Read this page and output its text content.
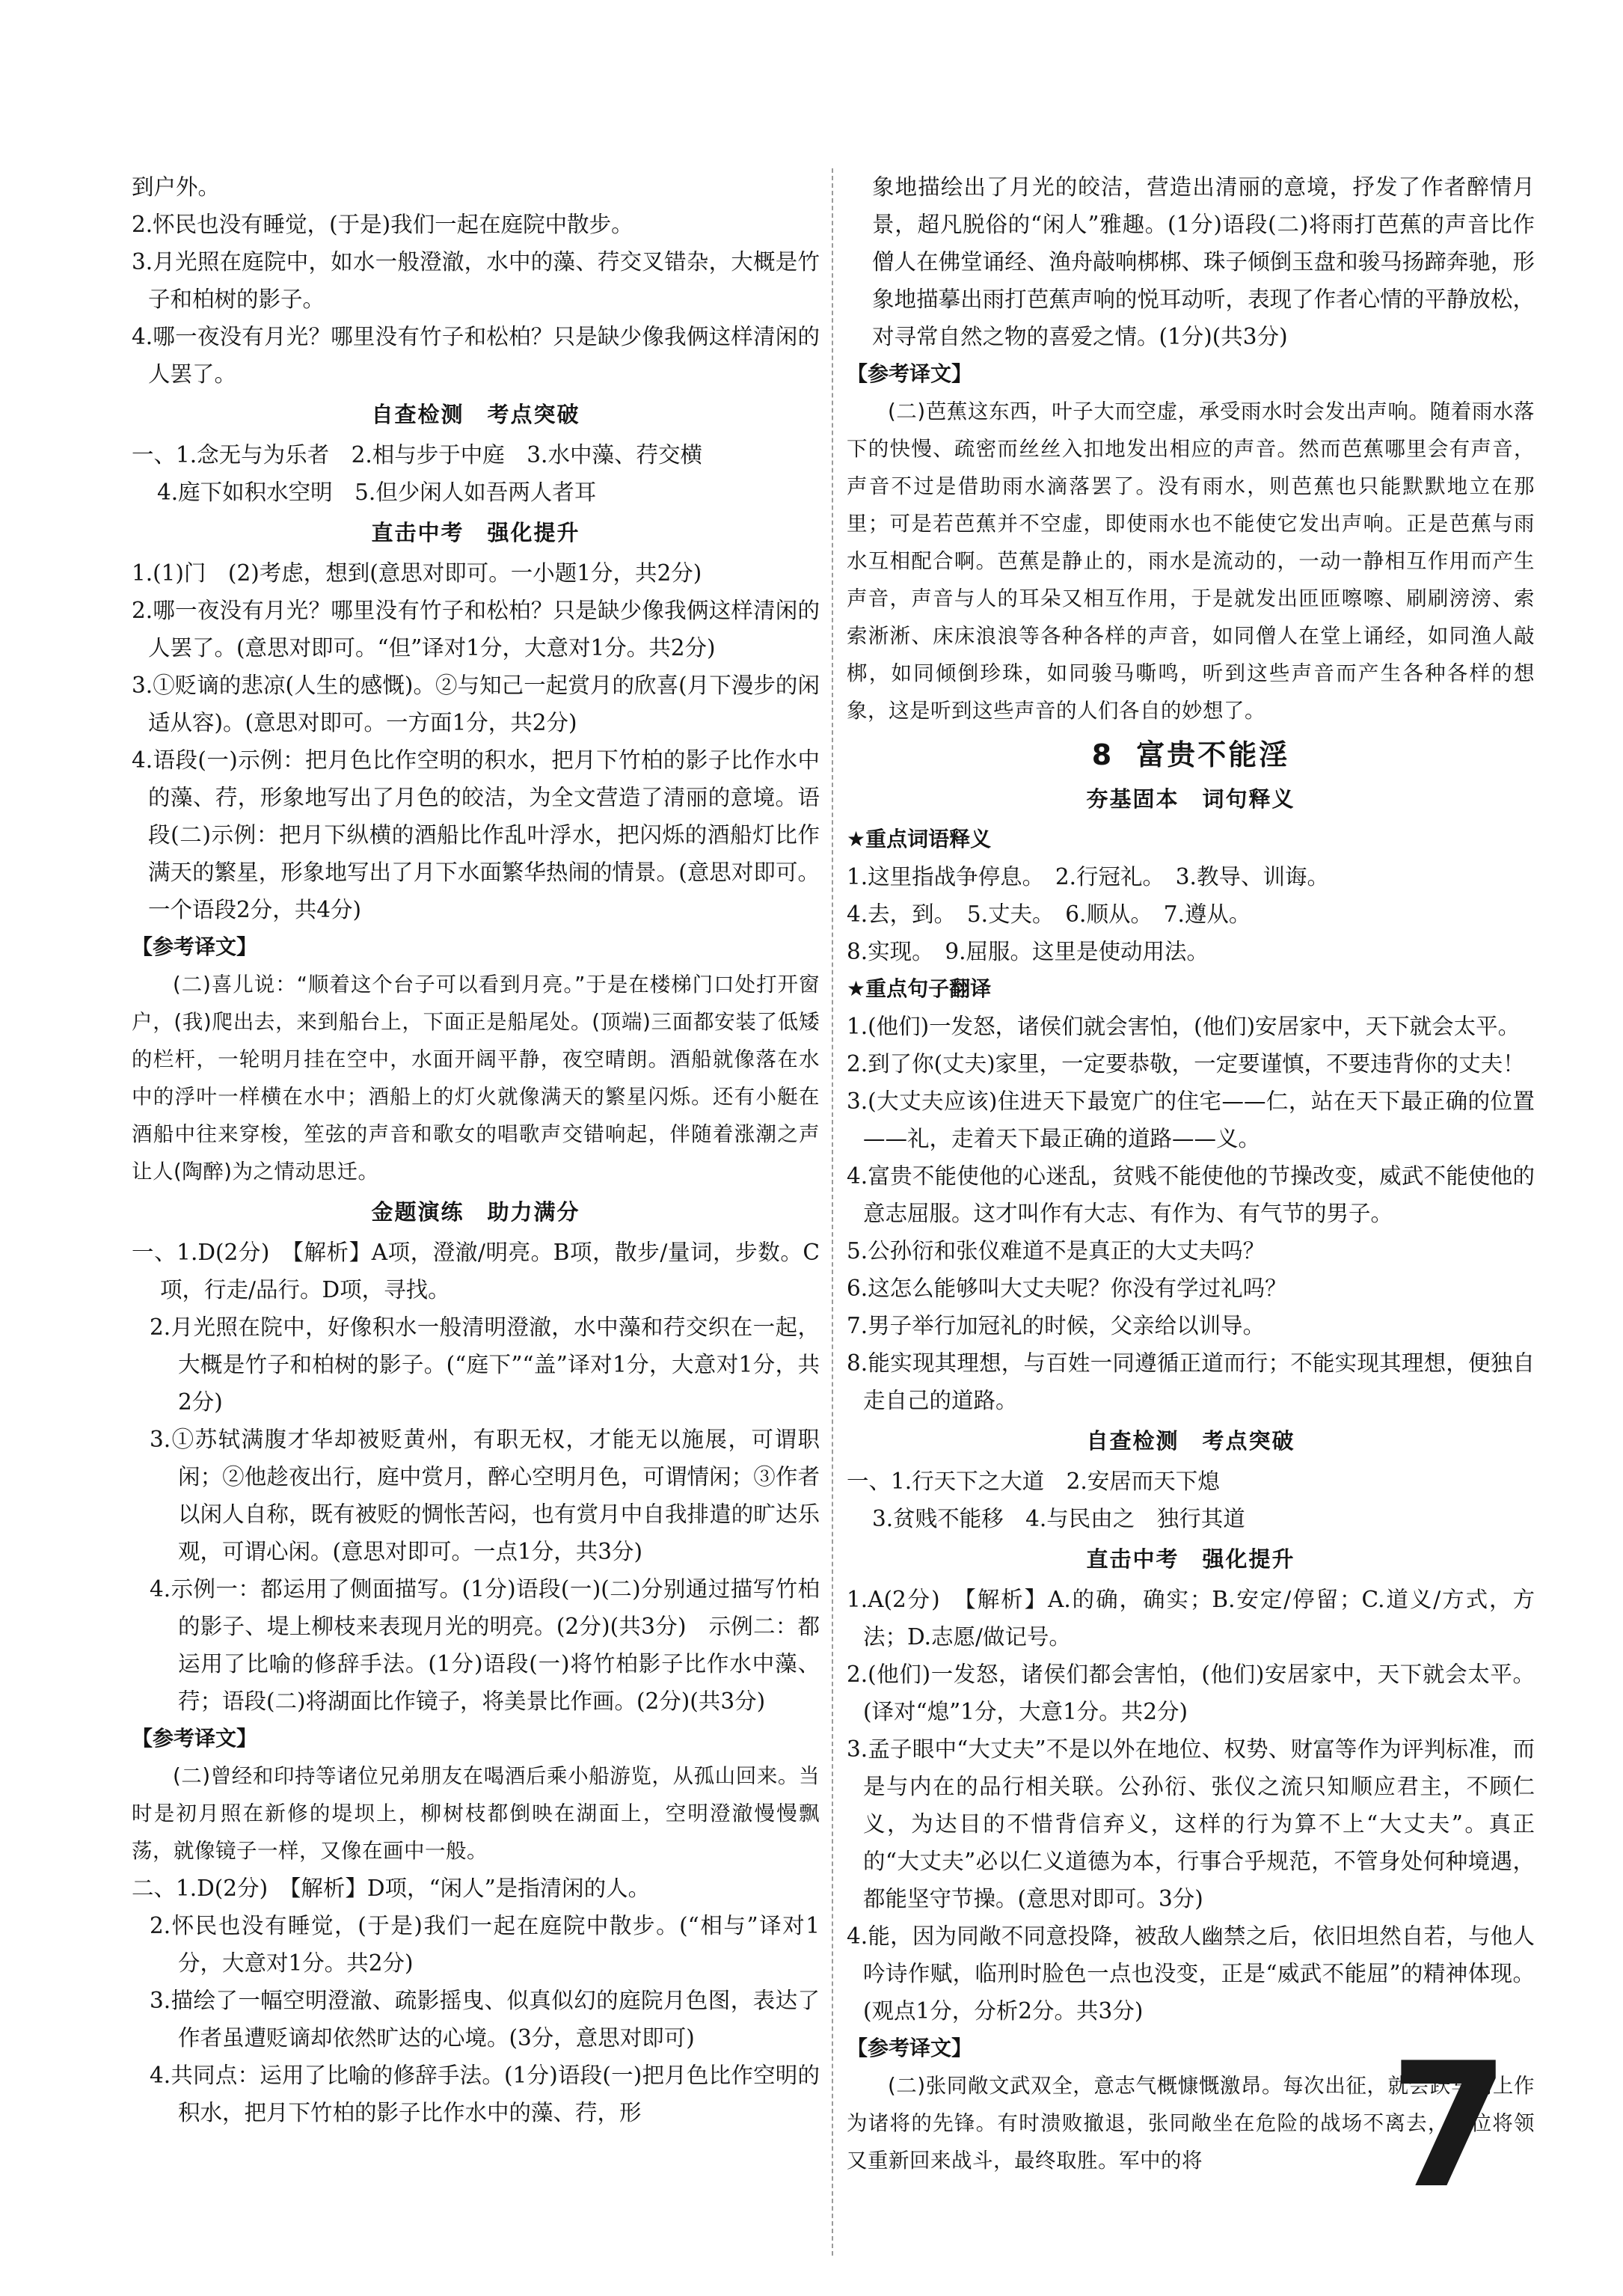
到户外。

2.怀民也没有睡觉，(于是)我们一起在庭院中散步。

3.月光照在庭院中，如水一般澄澈，水中的藻、荇交叉错杂，大概是竹子和柏树的影子。

4.哪一夜没有月光？哪里没有竹子和松柏？只是缺少像我俩这样清闲的人罢了。

自查检测　考点突破

一、1.念无与为乐者　2.相与步于中庭　3.水中藻、荇交横

4.庭下如积水空明　5.但少闲人如吾两人者耳

直击中考　强化提升

1.(1)门　(2)考虑，想到(意思对即可。一小题1分，共2分)

2.哪一夜没有月光？哪里没有竹子和松柏？只是缺少像我俩这样清闲的人罢了。(意思对即可。“但”译对1分，大意对1分。共2分)

3.①贬谪的悲凉(人生的感慨)。②与知己一起赏月的欣喜(月下漫步的闲适从容)。(意思对即可。一方面1分，共2分)

4.语段(一)示例：把月色比作空明的积水，把月下竹柏的影子比作水中的藻、荇，形象地写出了月色的皎洁，为全文营造了清丽的意境。语段(二)示例：把月下纵横的酒船比作乱叶浮水，把闪烁的酒船灯比作满天的繁星，形象地写出了月下水面繁华热闹的情景。(意思对即可。一个语段2分，共4分)

【参考译文】

(二)喜儿说：“顺着这个台子可以看到月亮。”于是在楼梯门口处打开窗户，(我)爬出去，来到船台上，下面正是船尾处。(顶端)三面都安装了低矮的栏杆，一轮明月挂在空中，水面开阔平静，夜空晴朗。酒船就像落在水中的浮叶一样横在水中；酒船上的灯火就像满天的繁星闪烁。还有小艇在酒船中往来穿梭，笙弦的声音和歌女的唱歌声交错响起，伴随着涨潮之声让人(陶醉)为之情动思迁。

金题演练　助力满分

一、1.D(2分)　【解析】A项，澄澈/明亮。B项，散步/量词，步数。C项，行走/品行。D项，寻找。

2.月光照在院中，好像积水一般清明澄澈，水中藻和荇交织在一起，大概是竹子和柏树的影子。(“庭下”“盖”译对1分，大意对1分，共2分)

3.①苏轼满腹才华却被贬黄州，有职无权，才能无以施展，可谓职闲；②他趁夜出行，庭中赏月，醉心空明月色，可谓情闲；③作者以闲人自称，既有被贬的惆怅苦闷，也有赏月中自我排遣的旷达乐观，可谓心闲。(意思对即可。一点1分，共3分)

4.示例一：都运用了侧面描写。(1分)语段(一)(二)分别通过描写竹柏的影子、堤上柳枝来表现月光的明亮。(2分)(共3分)　示例二：都运用了比喻的修辞手法。(1分)语段(一)将竹柏影子比作水中藻、荇；语段(二)将湖面比作镜子，将美景比作画。(2分)(共3分)

【参考译文】

(二)曾经和印持等诸位兄弟朋友在喝酒后乘小船游览，从孤山回来。当时是初月照在新修的堤坝上，柳树枝都倒映在湖面上，空明澄澈慢慢飘荡，就像镜子一样，又像在画中一般。

二、1.D(2分)　【解析】D项，“闲人”是指清闲的人。

2.怀民也没有睡觉，(于是)我们一起在庭院中散步。(“相与”译对1分，大意对1分。共2分)

3.描绘了一幅空明澄澈、疏影摇曳、似真似幻的庭院月色图，表达了作者虽遭贬谪却依然旷达的心境。(3分，意思对即可)

4.共同点：运用了比喻的修辞手法。(1分)语段(一)把月色比作空明的积水，把月下竹柏的影子比作水中的藻、荇，形

象地描绘出了月光的皎洁，营造出清丽的意境，抒发了作者醉情月景，超凡脱俗的“闲人”雅趣。(1分)语段(二)将雨打芭蕉的声音比作僧人在佛堂诵经、渔舟敲响梆梆、珠子倾倒玉盘和骏马扬蹄奔驰，形象地描摹出雨打芭蕉声响的悦耳动听，表现了作者心情的平静放松，对寻常自然之物的喜爱之情。(1分)(共3分)

【参考译文】

(二)芭蕉这东西，叶子大而空虚，承受雨水时会发出声响。随着雨水落下的快慢、疏密而丝丝入扣地发出相应的声音。然而芭蕉哪里会有声音，声音不过是借助雨水滴落罢了。没有雨水，则芭蕉也只能默默地立在那里；可是若芭蕉并不空虚，即使雨水也不能使它发出声响。正是芭蕉与雨水互相配合啊。芭蕉是静止的，雨水是流动的，一动一静相互作用而产生声音，声音与人的耳朵又相互作用，于是就发出匝匝嚓嚓、刷刷滂滂、索索淅淅、床床浪浪等各种各样的声音，如同僧人在堂上诵经，如同渔人敲梆，如同倾倒珍珠，如同骏马嘶鸣，听到这些声音而产生各种各样的想象，这是听到这些声音的人们各自的妙想了。

8 富贵不能淫
夯基固本　词句释义

★重点词语释义

1.这里指战争停息。　2.行冠礼。　3.教导、训诲。

4.去，到。　5.丈夫。　6.顺从。　7.遵从。

8.实现。　9.屈服。这里是使动用法。

★重点句子翻译

1.(他们)一发怒，诸侯们就会害怕，(他们)安居家中，天下就会太平。

2.到了你(丈夫)家里，一定要恭敬，一定要谨慎，不要违背你的丈夫！

3.(大丈夫应该)住进天下最宽广的住宅——仁，站在天下最正确的位置——礼，走着天下最正确的道路——义。

4.富贵不能使他的心迷乱，贫贱不能使他的节操改变，威武不能使他的意志屈服。这才叫作有大志、有作为、有气节的男子。

5.公孙衍和张仪难道不是真正的大丈夫吗？

6.这怎么能够叫大丈夫呢？你没有学过礼吗？

7.男子举行加冠礼的时候，父亲给以训导。

8.能实现其理想，与百姓一同遵循正道而行；不能实现其理想，便独自走自己的道路。

自查检测　考点突破

一、1.行天下之大道　2.安居而天下熄

3.贫贱不能移　4.与民由之　独行其道

直击中考　强化提升

1.A(2分)　【解析】A.的确，确实；B.安定/停留；C.道义/方式，方法；D.志愿/做记号。

2.(他们)一发怒，诸侯们都会害怕，(他们)安居家中，天下就会太平。(译对“熄”1分，大意1分。共2分)

3.孟子眼中“大丈夫”不是以外在地位、权势、财富等作为评判标准，而是与内在的品行相关联。公孙衍、张仪之流只知顺应君主，不顾仁义，为达目的不惜背信弃义，这样的行为算不上“大丈夫”。真正的“大丈夫”必以仁义道德为本，行事合乎规范，不管身处何种境遇，都能坚守节操。(意思对即可。3分)

4.能，因为同敞不同意投降，被敌人幽禁之后，依旧坦然自若，与他人吟诗作赋，临刑时脸色一点也没变，正是“威武不能屈”的精神体现。(观点1分，分析2分。共3分)

【参考译文】

(二)张同敞文武双全，意志气概慷慨激昂。每次出征，就会跃马而上作为诸将的先锋。有时溃败撤退，张同敞坐在危险的战场不离去，众位将领又重新回来战斗，最终取胜。军中的将	7
